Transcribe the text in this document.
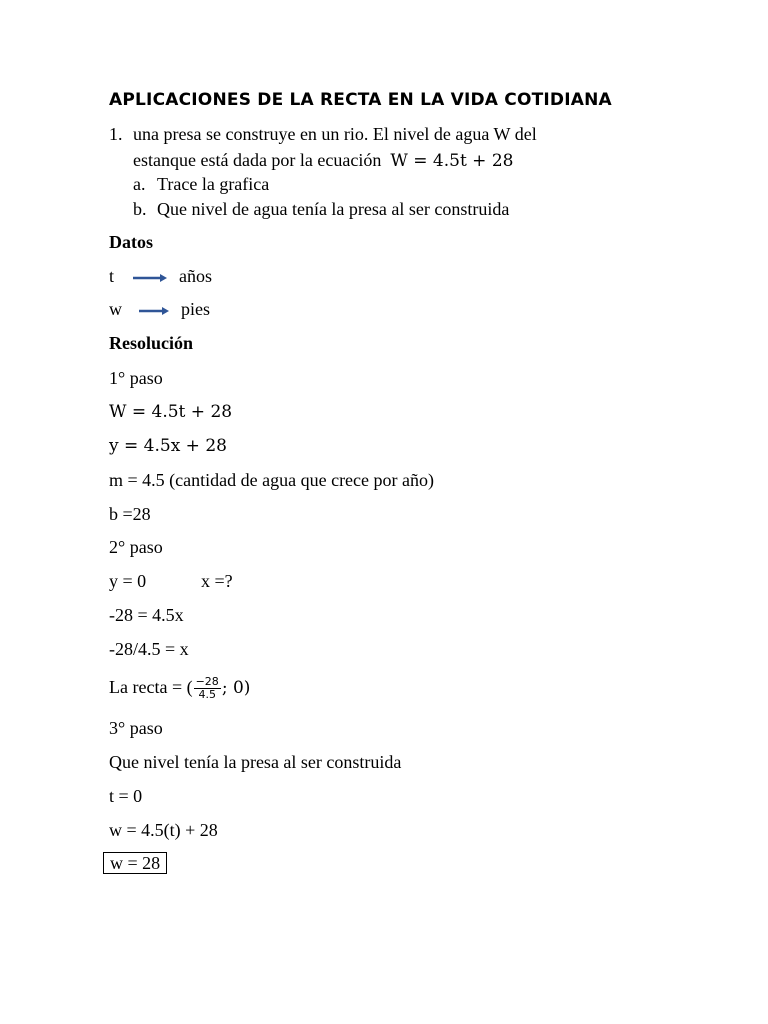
APLICACIONES DE LA RECTA EN LA VIDA COTIDIANA
1. una presa se construye en un rio. El nivel de agua W del
estanque está dada por la ecuación W = 4.5t + 28
a. Trace la grafica
b. Que nivel de agua tenía la presa al ser construida
Datos
t	años
w	pies
Resolución
1° paso
W = 4.5t + 28
y = 4.5x + 28
m = 4.5 (cantidad de agua que crece por año)
b =28
2° paso
y = 0	x =?
-28 = 4.5x
-28/4.5 = x
La recta = ( $\frac{-28}{4.5}$ ; 0)
3° paso
Que nivel tenía la presa al ser construida
t = 0
w = 4.5(t) + 28
w = 28
